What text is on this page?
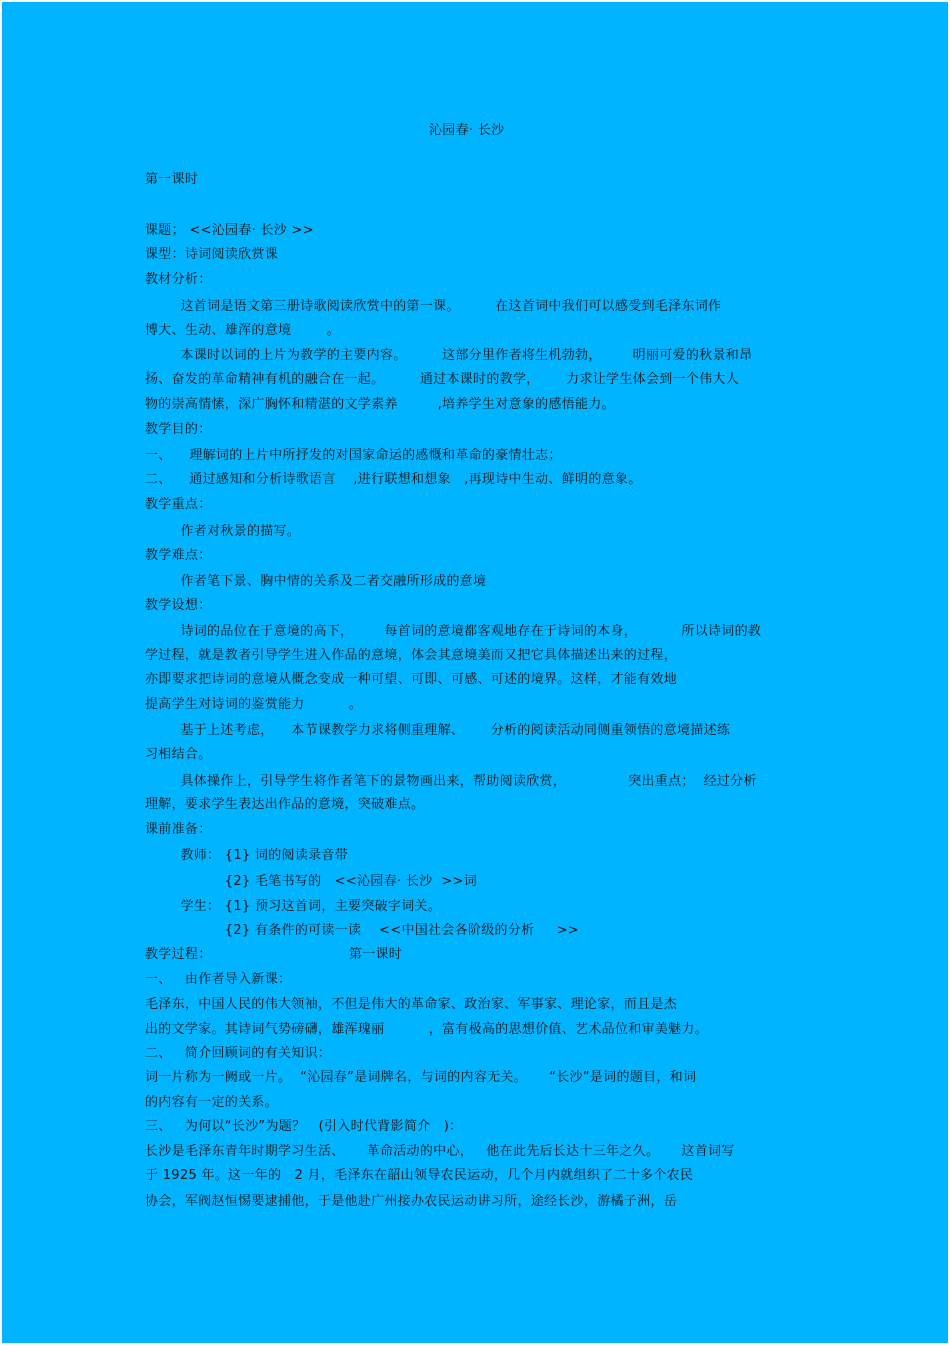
沁园春· 长沙
第一课时
课题； <<沁园春· 长沙 >>
课型：诗词阅读欣赏课
教材分析：
这首词是语文第三册诗歌阅读欣赏中的第一课。        在这首词中我们可以感受到毛泽东词作
博大、生动、雄浑的意境        。
本课时以词的上片为教学的主要内容。        这部分里作者将生机勃勃，       明丽可爱的秋景和昂
扬、奋发的革命精神有机的融合在一起。        通过本课时的教学，      力求让学生体会到一个伟大人
物的崇高情愫，深广胸怀和精湛的文学素养         ,培养学生对意象的感悟能力。
教学目的：
一、    理解词的上片中所抒发的对国家命运的感慨和革命的豪情壮志；
二、    通过感知和分析诗歌语言    ,进行联想和想象   ,再现诗中生动、鲜明的意象。
教学重点：
作者对秋景的描写。
教学难点：
作者笔下景、胸中情的关系及二者交融所形成的意境
教学设想：
诗词的品位在于意境的高下，       每首词的意境都客观地存在于诗词的本身，          所以诗词的教
学过程，就是教者引导学生进入作品的意境，体会其意境美而又把它具体描述出来的过程，
亦即要求把诗词的意境从概念变成一种可望、可即、可感、可述的境界。这样，才能有效地
提高学生对诗词的鉴赏能力          。
基于上述考虑，    本节课教学力求将侧重理解、      分析的阅读活动同侧重领悟的意境描述练
习相结合。
具体操作上，引导学生将作者笔下的景物画出来，帮助阅读欣赏，              突出重点；  经过分析
理解，要求学生表达出作品的意境，突破难点。
课前准备：
教师： {1} 词的阅读录音带
{2} 毛笔书写的   <<沁园春· 长沙  >>词
学生： {1} 预习这首词，主要突破字词关。
{2} 有条件的可读一读    <<中国社会各阶级的分析     >>
教学过程：                               第一课时
一、   由作者导入新课：
毛泽东，中国人民的伟大领袖，不但是伟大的革命家、政治家、军事家、理论家，而且是杰
出的文学家。其诗词气势磅礴，雄浑瑰丽          ，富有极高的思想价值、艺术品位和审美魅力。
二、   简介回顾词的有关知识：
词一片称为一阙或一片。  “沁园春”是词牌名，与词的内容无关。     “长沙”是词的题目，和词
的内容有一定的关系。
三、   为何以“长沙”为题？   (引入时代背影简介   )：
长沙是毛泽东青年时期学习生活、     革命活动的中心，   他在此先后长达十三年之久。     这首词写
于 1925 年。这一年的   2 月，毛泽东在韶山领导农民运动，几个月内就组织了二十多个农民
协会，军阀赵恒惕要逮捕他，于是他赴广州接办农民运动讲习所，途经长沙，游橘子洲，岳
